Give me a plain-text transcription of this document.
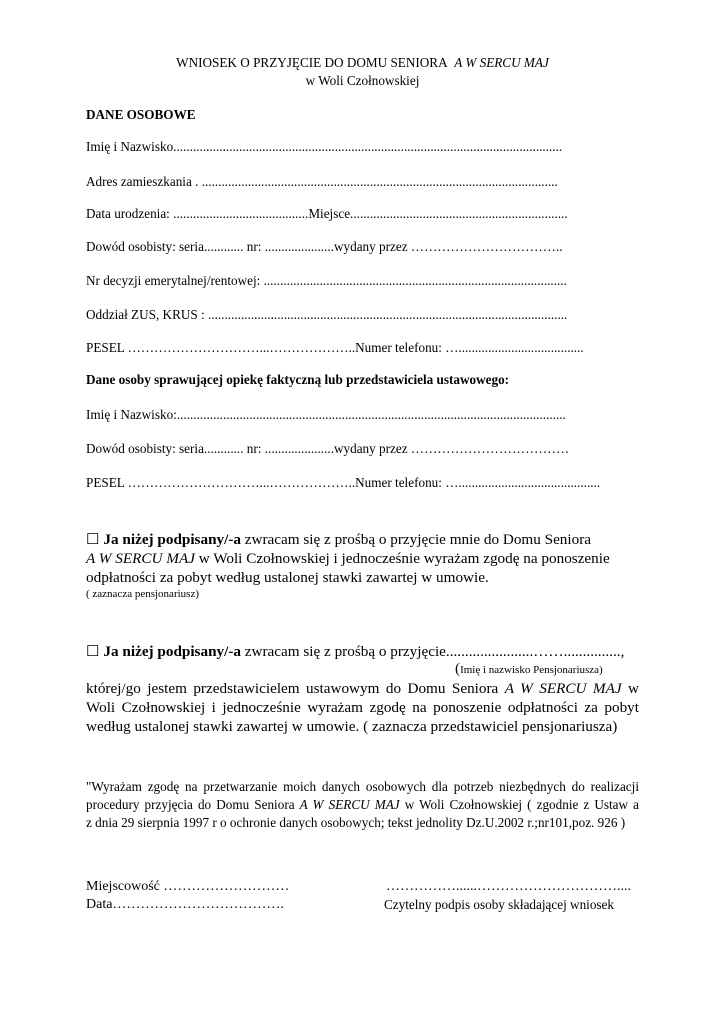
WNIOSEK O PRZYJĘCIE DO DOMU SENIORA A W SERCU MAJ
w Woli Czołnowskiej
DANE OSOBOWE
Imię i Nazwisko......................................................................................................................
Adres zamieszkania . ............................................................................................................
Data urodzenia: .........................................Miejsce..................................................................
Dowód osobisty: seria............ nr: .....................wydany przez ……………………………..
Nr decyzji emerytalnej/rentowej: ............................................................................................
Oddział ZUS, KRUS : .............................................................................................................
PESEL …………………………...………………..Numer telefonu: …......................................
Dane osoby sprawującej opiekę faktyczną lub przedstawiciela ustawowego:
Imię i Nazwisko:......................................................................................................................
Dowód osobisty: seria............ nr: .....................wydany przez ………………………………
PESEL …………………………...………………..Numer telefonu: …...........................................
☐ Ja niżej podpisany/-a zwracam się z prośbą o przyjęcie mnie do Domu Seniora
A W SERCU MAJ w Woli Czołnowskiej i jednocześnie wyrażam zgodę na ponoszenie
odpłatności za pobyt według ustalonej stawki zawartej w umowie.
( zaznacza pensjonariusz)
☐ Ja niżej podpisany/-a zwracam się z prośbą o przyjęcie.......................……...............,
(Imię i nazwisko Pensjonariusza)
której/go jestem przedstawicielem ustawowym do Domu Seniora A W SERCU MAJ w
Woli Czołnowskiej i jednocześnie wyrażam zgodę na ponoszenie odpłatności za pobyt
według ustalonej stawki zawartej w umowie. ( zaznacza przedstawiciel pensjonariusza)
"Wyrażam zgodę na przetwarzanie moich danych osobowych dla potrzeb niezbędnych do realizacji
procedury przyjęcia do Domu Seniora A W SERCU MAJ w Woli Czołnowskiej ( zgodnie z Ustaw a
z dnia 29 sierpnia 1997 r o ochronie danych osobowych; tekst jednolity Dz.U.2002 r.;nr101,poz. 926 )
Miejscowość ………………………
Data……………………………….
……………......…………………………....
Czytelny podpis osoby składającej wniosek
